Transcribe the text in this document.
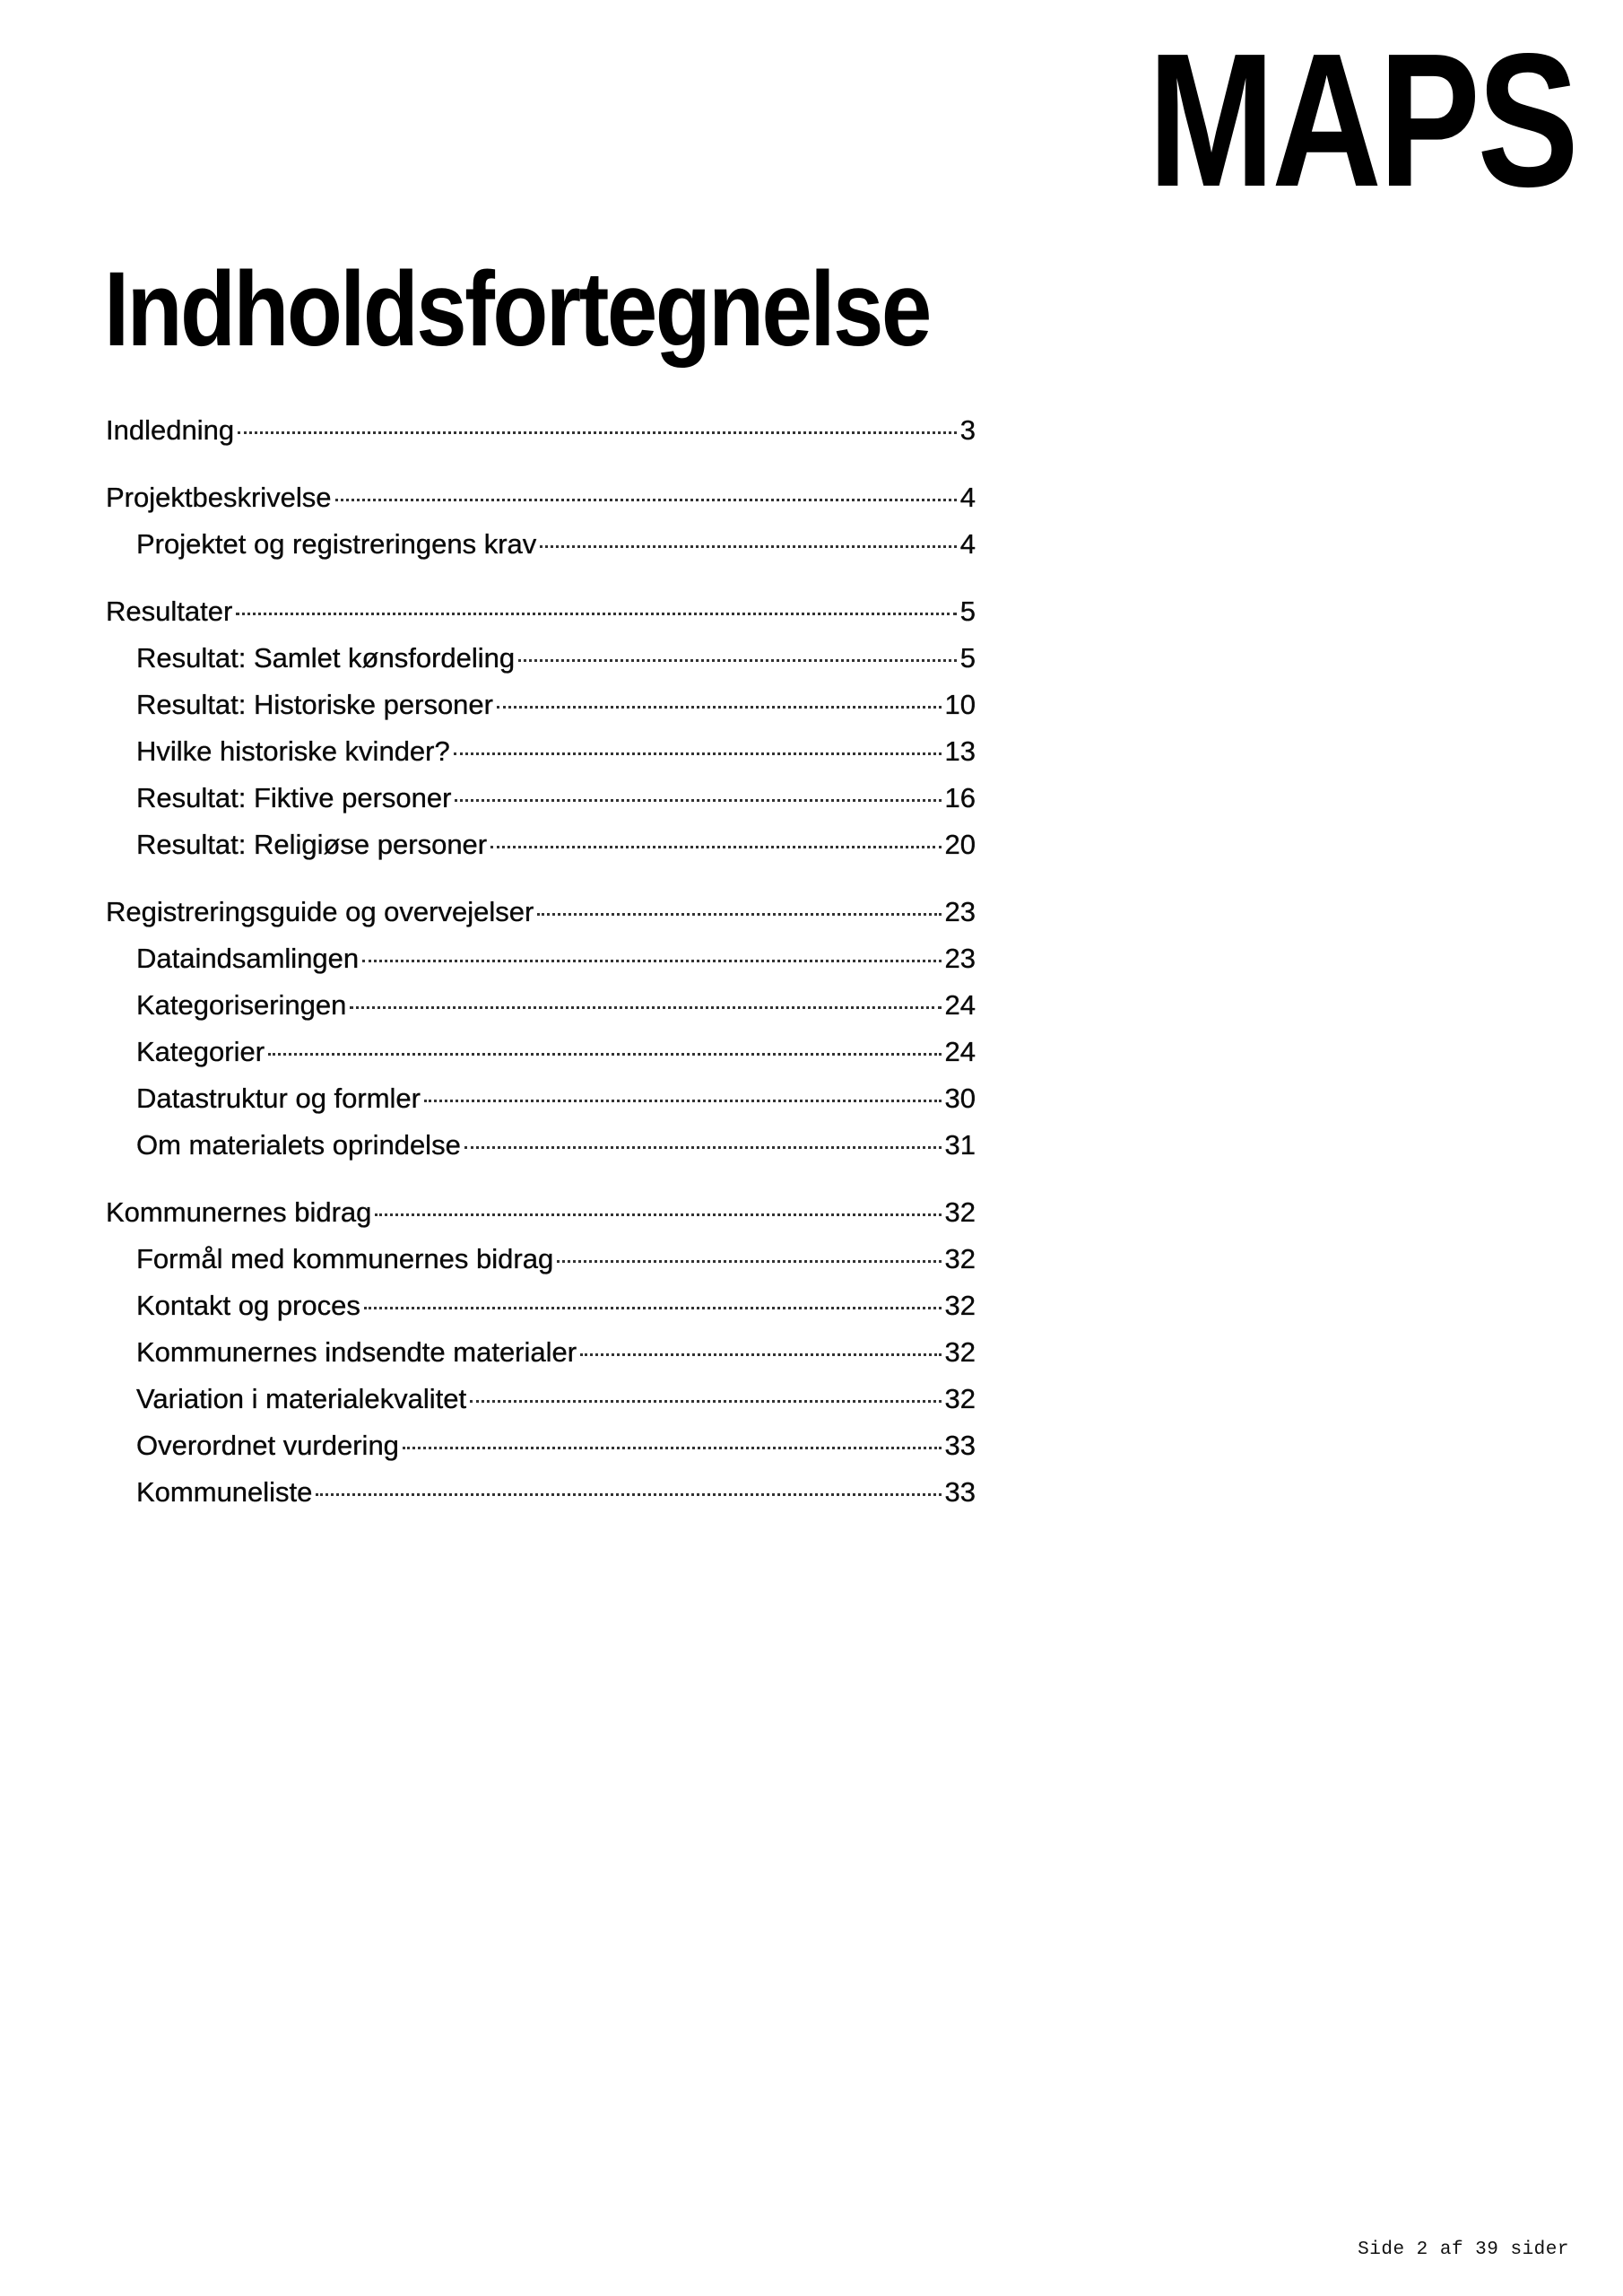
MAPS
Indholdsfortegnelse
Indledning	3
Projektbeskrivelse	4
Projektet og registreringens krav	4
Resultater	5
Resultat: Samlet kønsfordeling	5
Resultat: Historiske personer	10
Hvilke historiske kvinder?	13
Resultat: Fiktive personer	16
Resultat: Religiøse personer	20
Registreringsguide og overvejelser	23
Dataindsamlingen	23
Kategoriseringen	24
Kategorier	24
Datastruktur og formler	30
Om materialets oprindelse	31
Kommunernes bidrag	32
Formål med kommunernes bidrag	32
Kontakt og proces	32
Kommunernes indsendte materialer	32
Variation i materialekvalitet	32
Overordnet vurdering	33
Kommuneliste	33
Side 2 af 39 sider
